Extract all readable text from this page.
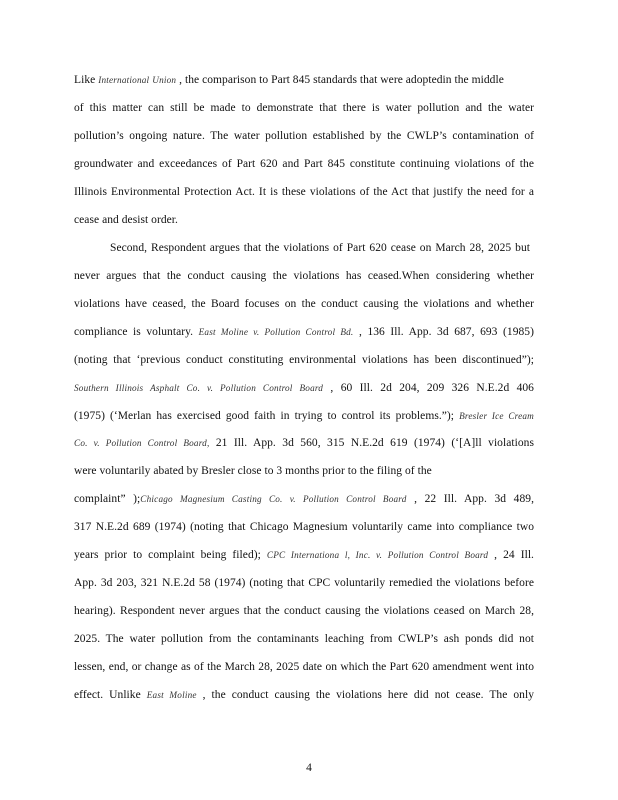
Like International Union , the comparison to Part 845 standards that were adoptedin the middle
of this matter can still be made to demonstrate that there is water pollution and the water
pollution’s ongoing nature. The water pollution established by the CWLP’s contamination of
groundwater and exceedances of Part 620 and Part 845 constitute continuing violations of the
Illinois Environmental Protection Act. It is these violations of the Act that justify the need for a
cease and desist order.
Second, Respondent argues that the violations of Part 620 cease on March 28, 2025 but
never argues that the conduct causing the violations has ceased.When considering whether
violations have ceased, the Board focuses on the conduct causing the violations and whether
compliance is voluntary. East Moline v. Pollution Control Bd. , 136 Ill. App. 3d 687, 693 (1985)
(noting that ‘previous conduct constituting environmental violations has been discontinued”);
Southern Illinois Asphalt Co. v. Pollution Control Board , 60 Ill. 2d 204, 209 326 N.E.2d 406
(1975) (‘Merlan has exercised good faith in trying to control its problems.”); Bresler Ice Cream
Co. v. Pollution Control Board, 21 Ill. App. 3d 560, 315 N.E.2d 619 (1974) (‘[A]ll violations
were voluntarily abated by Bresler close to 3 months prior to the filing of the
complaint” );Chicago Magnesium Casting Co. v. Pollution Control Board , 22 Ill. App. 3d 489,
317 N.E.2d 689 (1974) (noting that Chicago Magnesium voluntarily came into compliance two
years prior to complaint being filed); CPC Internationa l, Inc. v. Pollution Control Board , 24 Ill.
App. 3d 203, 321 N.E.2d 58 (1974) (noting that CPC voluntarily remedied the violations before
hearing). Respondent never argues that the conduct causing the violations ceased on March 28,
2025. The water pollution from the contaminants leaching from CWLP’s ash ponds did not
lessen, end, or change as of the March 28, 2025 date on which the Part 620 amendment went into
effect. Unlike East Moline , the conduct causing the violations here did not cease. The only
4
